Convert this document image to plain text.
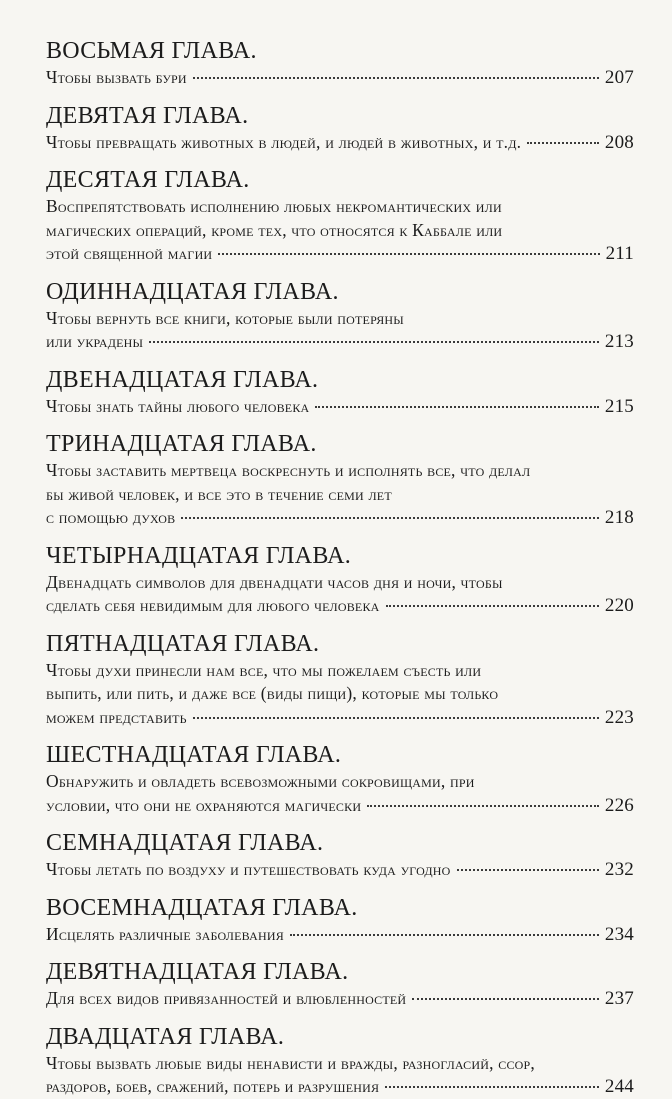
ВОСЬМАЯ ГЛАВА.
Чтобы вызвать бури	207
ДЕВЯТАЯ ГЛАВА.
Чтобы превращать животных в людей, и людей в животных, и т.д.	208
ДЕСЯТАЯ ГЛАВА.
Воспрепятствовать исполнению любых некромантических или
магических операций, кроме тех, что относятся к Каббале или
этой священной магии	211
ОДИННАДЦАТАЯ ГЛАВА.
Чтобы вернуть все книги, которые были потеряны
или украдены	213
ДВЕНАДЦАТАЯ ГЛАВА.
Чтобы знать тайны любого человека	215
ТРИНАДЦАТАЯ ГЛАВА.
Чтобы заставить мертвеца воскреснуть и исполнять все, что делал
бы живой человек, и все это в течение семи лет
с помощью духов	218
ЧЕТЫРНАДЦАТАЯ ГЛАВА.
Двенадцать символов для двенадцати часов дня и ночи, чтобы
сделать себя невидимым для любого человека	220
ПЯТНАДЦАТАЯ ГЛАВА.
Чтобы духи принесли нам все, что мы пожелаем съесть или
выпить, или пить, и даже все (виды пищи), которые мы только
можем представить	223
ШЕСТНАДЦАТАЯ ГЛАВА.
Обнаружить и овладеть всевозможными сокровищами, при
условии, что они не охраняются магически	226
СЕМНАДЦАТАЯ ГЛАВА.
Чтобы летать по воздуху и путешествовать куда угодно	232
ВОСЕМНАДЦАТАЯ ГЛАВА.
Исцелять различные заболевания	234
ДЕВЯТНАДЦАТАЯ ГЛАВА.
Для всех видов привязанностей и влюбленностей	237
ДВАДЦАТАЯ ГЛАВА.
Чтобы вызвать любые виды ненависти и вражды, разногласий, ссор,
раздоров, боев, сражений, потерь и разрушения	244
